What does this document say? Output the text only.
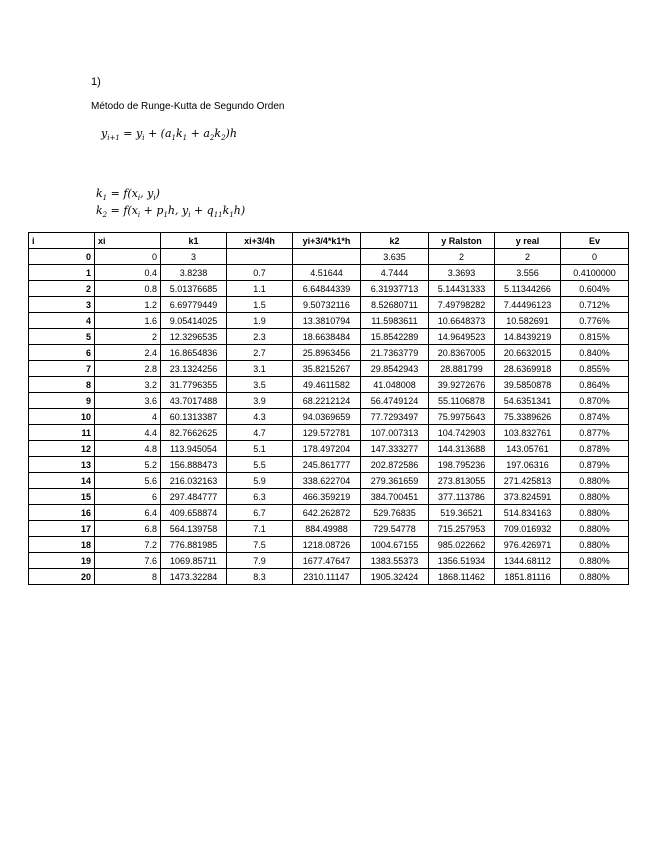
1)
Método de Runge-Kutta de Segundo Orden
$y_{i+1} = y_i + (a_1k_1 + a_2k_2)h$
$k_1 = f(x_i$, $y_i$)
$k_2 = f(x_i + p_1h$, $y_i + q_{11}k_1h$)
i	xi	k1	xi+3/4h	yi+3/4*k1*h	k2	y Ralston	y real	Ev
0	0	3			3.635	2	2	0
1	0.4	3.8238	0.7	4.51644	4.7444	3.3693	3.556	0.4100000
2	0.8	5.01376685	1.1	6.64844339	6.31937713	5.14431333	5.11344266	0.604%
3	1.2	6.69779449	1.5	9.50732116	8.52680711	7.49798282	7.44496123	0.712%
4	1.6	9.05414025	1.9	13.3810794	11.5983611	10.6648373	10.582691	0.776%
5	2	12.3296535	2.3	18.6638484	15.8542289	14.9649523	14.8439219	0.815%
6	2.4	16.8654836	2.7	25.8963456	21.7363779	20.8367005	20.6632015	0.840%
7	2.8	23.1324256	3.1	35.8215267	29.8542943	28.881799	28.6369918	0.855%
8	3.2	31.7796355	3.5	49.4611582	41.048008	39.9272676	39.5850878	0.864%
9	3.6	43.7017488	3.9	68.2212124	56.4749124	55.1106878	54.6351341	0.870%
10	4	60.1313387	4.3	94.0369659	77.7293497	75.9975643	75.3389626	0.874%
11	4.4	82.7662625	4.7	129.572781	107.007313	104.742903	103.832761	0.877%
12	4.8	113.945054	5.1	178.497204	147.333277	144.313688	143.05761	0.878%
13	5.2	156.888473	5.5	245.861777	202.872586	198.795236	197.06316	0.879%
14	5.6	216.032163	5.9	338.622704	279.361659	273.813055	271.425813	0.880%
15	6	297.484777	6.3	466.359219	384.700451	377.113786	373.824591	0.880%
16	6.4	409.658874	6.7	642.262872	529.76835	519.36521	514.834163	0.880%
17	6.8	564.139758	7.1	884.49988	729.54778	715.257953	709.016932	0.880%
18	7.2	776.881985	7.5	1218.08726	1004.67155	985.022662	976.426971	0.880%
19	7.6	1069.85711	7.9	1677.47647	1383.55373	1356.51934	1344.68112	0.880%
20	8	1473.32284	8.3	2310.11147	1905.32424	1868.11462	1851.81116	0.880%
